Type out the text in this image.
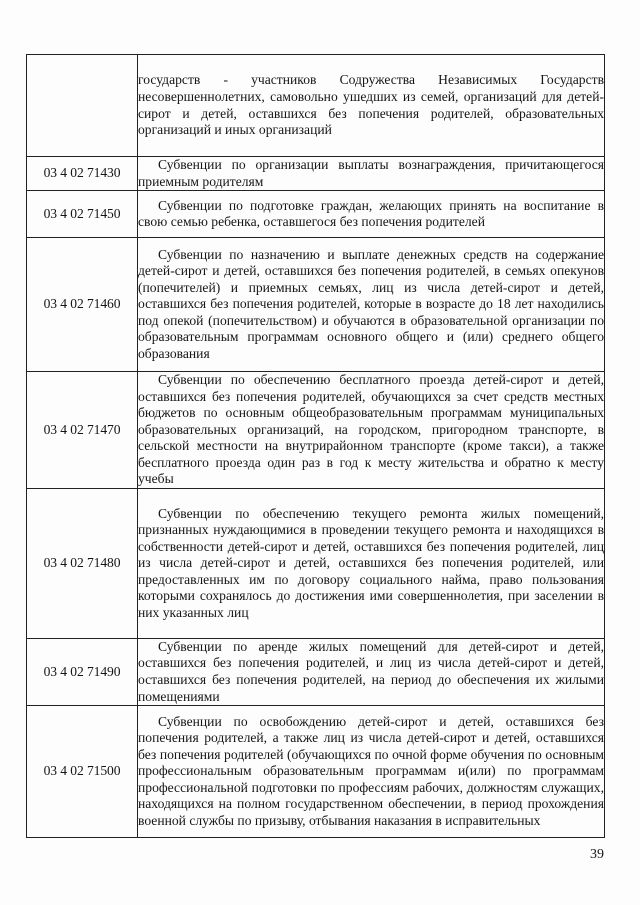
	государств - участников Содружества Независимых Государств несовершеннолетних, самовольно ушедших из семей, организаций для детей-сирот и детей, оставшихся без попечения родителей, образовательных организаций и иных организаций
03 4 02 71430	Субвенции по организации выплаты вознаграждения, причитающегося приемным родителям
03 4 02 71450	Субвенции по подготовке граждан, желающих принять на воспитание в свою семью ребенка, оставшегося без попечения родителей
03 4 02 71460	Субвенции по назначению и выплате денежных средств на содержание детей-сирот и детей, оставшихся без попечения родителей, в семьях опекунов (попечителей) и приемных семьях, лиц из числа детей-сирот и детей, оставшихся без попечения родителей, которые в возрасте до 18 лет находились под опекой (попечительством) и обучаются в образовательной организации по образовательным программам основного общего и (или) среднего общего образования
03 4 02 71470	Субвенции по обеспечению бесплатного проезда детей-сирот и детей, оставшихся без попечения родителей, обучающихся за счет средств местных бюджетов по основным общеобразовательным программам муниципальных образовательных организаций, на городском, пригородном транспорте, в сельской местности на внутрирайонном транспорте (кроме такси), а также бесплатного проезда один раз в год к месту жительства и обратно к месту учебы
03 4 02 71480	Субвенции по обеспечению текущего ремонта жилых помещений, признанных нуждающимися в проведении текущего ремонта и находящихся в собственности детей-сирот и детей, оставшихся без попечения родителей, лиц из числа детей-сирот и детей, оставшихся без попечения родителей, или предоставленных им по договору социального найма, право пользования которыми сохранялось до достижения ими совершеннолетия, при заселении в них указанных лиц
03 4 02 71490	Субвенции по аренде жилых помещений для детей-сирот и детей, оставшихся без попечения родителей, и лиц из числа детей-сирот и детей, оставшихся без попечения родителей, на период до обеспечения их жилыми помещениями
03 4 02 71500	Субвенции по освобождению детей-сирот и детей, оставшихся без попечения родителей, а также лиц из числа детей-сирот и детей, оставшихся без попечения родителей (обучающихся по очной форме обучения по основным профессиональным образовательным программам и(или) по программам профессиональной подготовки по профессиям рабочих, должностям служащих, находящихся на полном государственном обеспечении, в период прохождения военной службы по призыву, отбывания наказания в исправительных
39
